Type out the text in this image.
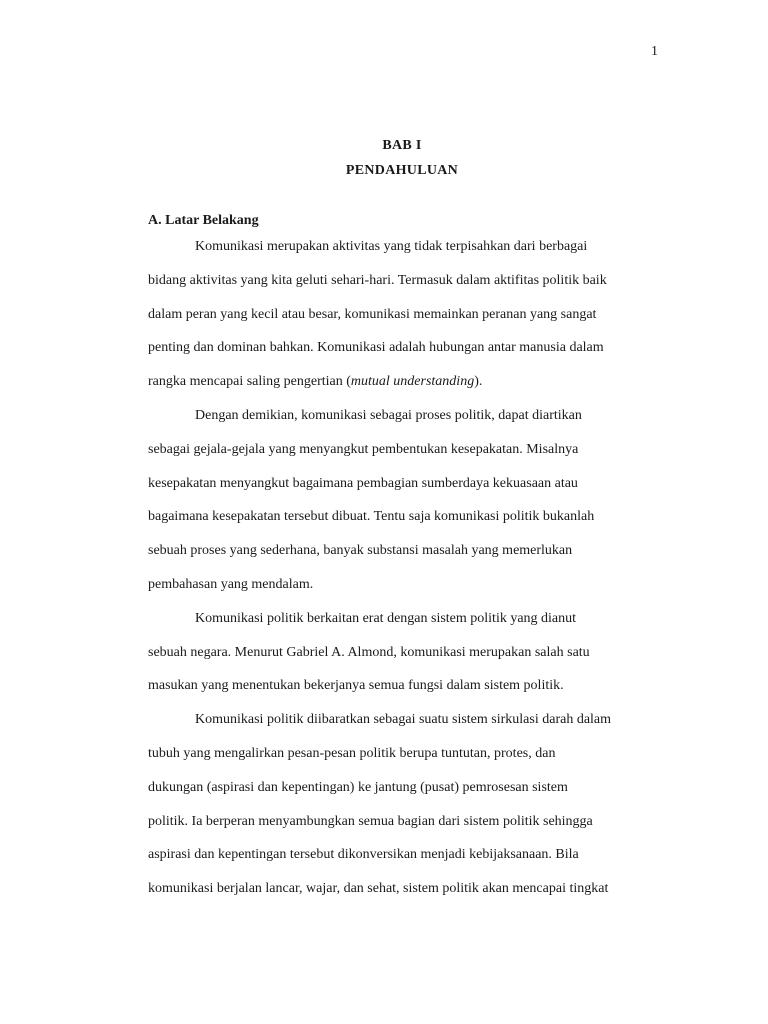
1
BAB I
PENDAHULUAN
A. Latar Belakang
Komunikasi merupakan aktivitas yang tidak terpisahkan dari berbagai
bidang aktivitas yang kita geluti sehari-hari. Termasuk dalam aktifitas politik baik
dalam peran yang kecil atau besar, komunikasi memainkan peranan yang sangat
penting dan dominan bahkan. Komunikasi adalah hubungan antar manusia dalam
rangka mencapai saling pengertian (mutual understanding).
Dengan demikian, komunikasi sebagai proses politik, dapat diartikan
sebagai gejala-gejala yang menyangkut pembentukan kesepakatan. Misalnya
kesepakatan menyangkut bagaimana pembagian sumberdaya kekuasaan atau
bagaimana kesepakatan tersebut dibuat. Tentu saja komunikasi politik bukanlah
sebuah proses yang sederhana, banyak substansi masalah yang memerlukan
pembahasan yang mendalam.
Komunikasi politik berkaitan erat dengan sistem politik yang dianut
sebuah negara. Menurut Gabriel A. Almond, komunikasi merupakan salah satu
masukan yang menentukan bekerjanya semua fungsi dalam sistem politik.
Komunikasi politik diibaratkan sebagai suatu sistem sirkulasi darah dalam
tubuh yang mengalirkan pesan-pesan politik berupa tuntutan, protes, dan
dukungan (aspirasi dan kepentingan) ke jantung (pusat) pemrosesan sistem
politik. Ia berperan menyambungkan semua bagian dari sistem politik sehingga
aspirasi dan kepentingan tersebut dikonversikan menjadi kebijaksanaan. Bila
komunikasi berjalan lancar, wajar, dan sehat, sistem politik akan mencapai tingkat
